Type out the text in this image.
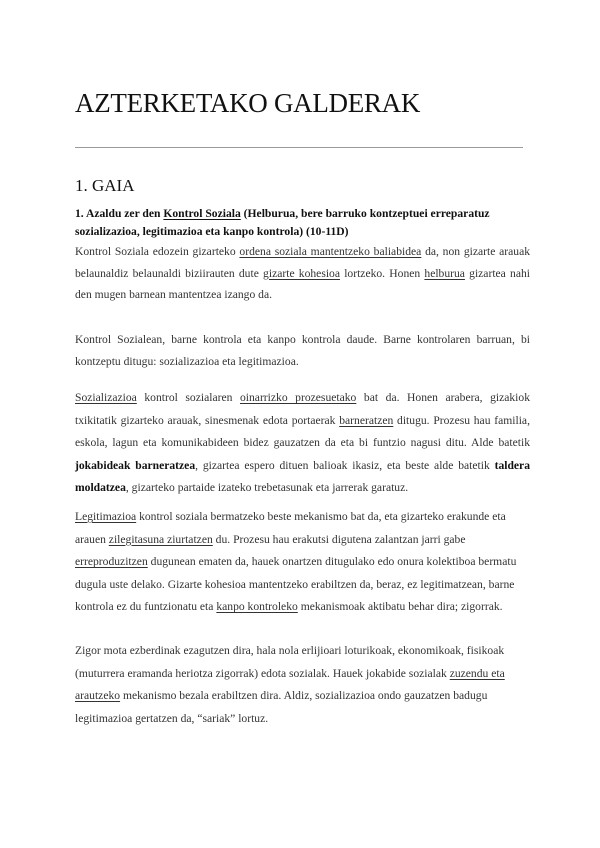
AZTERKETAKO GALDERAK
1. GAIA

1. Azaldu zer den Kontrol Soziala (Helburua, bere barruko kontzeptuei erreparatuz sozializazioa, legitimazioa eta kanpo kontrola) (10-11D)

Kontrol Soziala edozein gizarteko ordena soziala mantentzeko baliabidea da, non gizarte arauak belaunaldiz belaunaldi biziirauten dute gizarte kohesioa lortzeko. Honen helburua gizartea nahi den mugen barnean mantentzea izango da.

Kontrol Sozialean, barne kontrola eta kanpo kontrola daude. Barne kontrolaren barruan, bi kontzeptu ditugu: sozializazioa eta legitimazioa.

Sozializazioa kontrol sozialaren oinarrizko prozesuetako bat da. Honen arabera, gizakiok txikitatik gizarteko arauak, sinesmenak edota portaerak barneratzen ditugu. Prozesu hau familia, eskola, lagun eta komunikabideen bidez gauzatzen da eta bi funtzio nagusi ditu. Alde batetik jokabideak barneratzea, gizartea espero dituen balioak ikasiz, eta beste alde batetik taldera moldatzea, gizarteko partaide izateko trebetasunak eta jarrerak garatuz.

Legitimazioa kontrol soziala bermatzeko beste mekanismo bat da, eta gizarteko erakunde eta arauen zilegitasuna ziurtatzen du. Prozesu hau erakutsi digutena zalantzan jarri gabe erreproduzitzen dugunean ematen da, hauek onartzen ditugulako edo onura kolektiboa bermatu dugula uste delako. Gizarte kohesioa mantentzeko erabiltzen da, beraz, ez legitimatzean, barne kontrola ez du funtzionatu eta kanpo kontroleko mekanismoak aktibatu behar dira; zigorrak.

Zigor mota ezberdinak ezagutzen dira, hala nola erlijioari loturikoak, ekonomikoak, fisikoak (muturrera eramanda heriotza zigorrak) edota sozialak. Hauek jokabide sozialak zuzendu eta arautzeko mekanismo bezala erabiltzen dira. Aldiz, sozializazioa ondo gauzatzen badugu legitimazioa gertatzen da, “sariak” lortuz.
